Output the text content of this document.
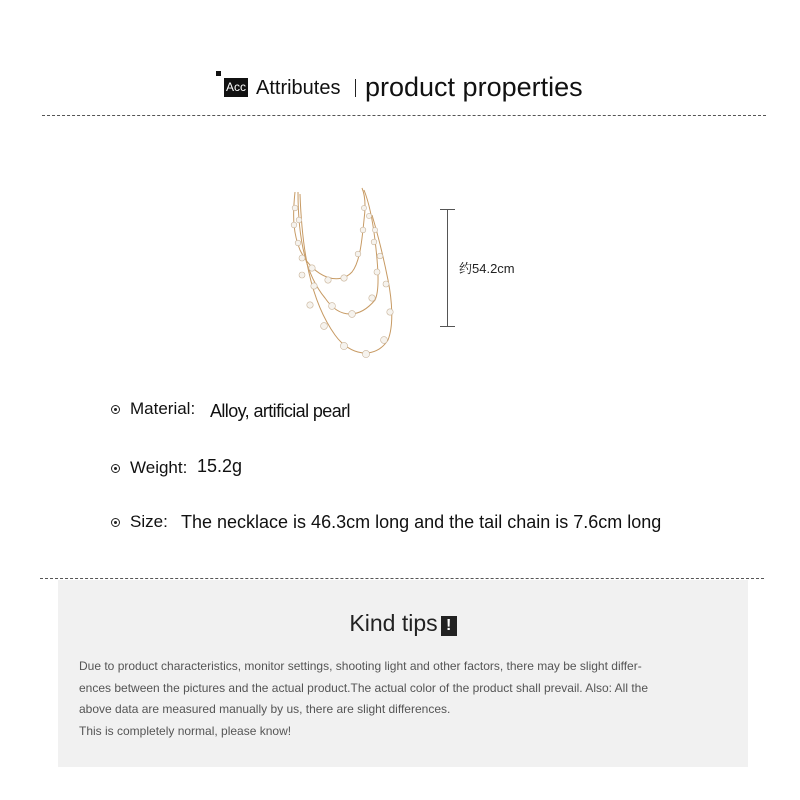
Acc Attributes product properties
约54.2cm
Material: Alloy, artificial pearl
Weight: 15.2g
Size: The necklace is 46.3cm long and the tail chain is 7.6cm long
Kind tips !
Due to product characteristics, monitor settings, shooting light and other factors, there may be slight differ-
ences between the pictures and the actual product.The actual color of the product shall prevail. Also: All the
above data are measured manually by us, there are slight differences.
This is completely normal, please know!
